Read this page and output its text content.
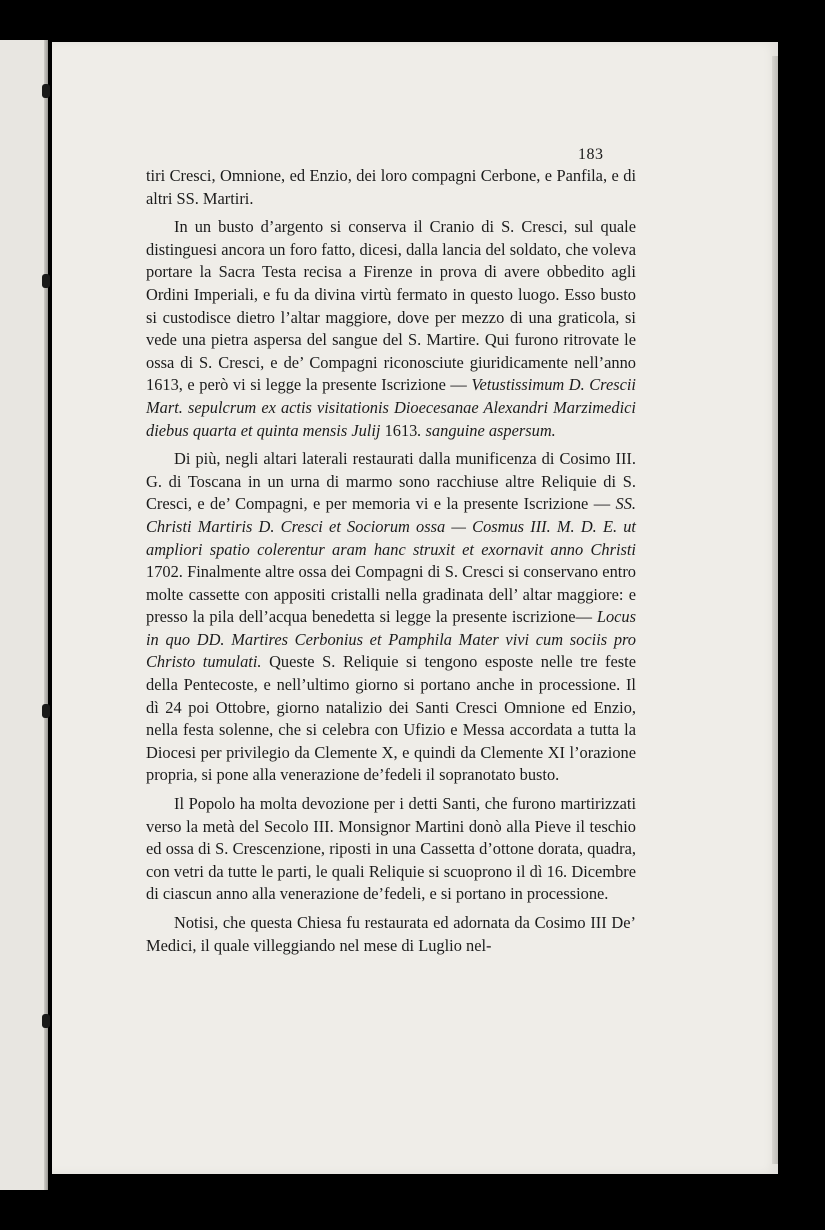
183

tiri Cresci, Omnione, ed Enzio, dei loro compagni Cerbone, e Panfila, e di altri SS. Martiri.

In un busto d’argento si conserva il Cranio di S. Cresci, sul quale distinguesi ancora un foro fatto, dicesi, dalla lancia del soldato, che voleva portare la Sacra Testa recisa a Firenze in prova di avere obbedito agli Ordini Imperiali, e fu da divina virtù fermato in questo luogo. Esso busto si custodisce dietro l’altar maggiore, dove per mezzo di una graticola, si vede una pietra aspersa del sangue del S. Martire. Qui furono ritrovate le ossa di S. Cresci, e de’ Compagni riconosciute giuridicamente nell’anno 1613, e però vi si legge la presente Iscrizione — Vetustissimum D. Crescii Mart. sepulcrum ex actis visitationis Dioecesanae Alexandri Marzimedici diebus quarta et quinta mensis Julij 1613. sanguine aspersum.

Di più, negli altari laterali restaurati dalla munificenza di Cosimo III. G. di Toscana in un urna di marmo sono racchiuse altre Reliquie di S. Cresci, e de’ Compagni, e per memoria vi e la presente Iscrizione — SS. Christi Martiris D. Cresci et Sociorum ossa — Cosmus III. M. D. E. ut ampliori spatio colerentur aram hanc struxit et exornavit anno Christi 1702. Finalmente altre ossa dei Compagni di S. Cresci si conservano entro molte cassette con appositi cristalli nella gradinata dell’ altar maggiore: e presso la pila dell’acqua benedetta si legge la presente iscrizione— Locus in quo DD. Martires Cerbonius et Pamphila Mater vivi cum sociis pro Christo tumulati. Queste S. Reliquie si tengono esposte nelle tre feste della Pentecoste, e nell’ultimo giorno si portano anche in processione. Il dì 24 poi Ottobre, giorno natalizio dei Santi Cresci Omnione ed Enzio, nella festa solenne, che si celebra con Ufizio e Messa accordata a tutta la Diocesi per privilegio da Clemente X, e quindi da Clemente XI l’orazione propria, si pone alla venerazione de’fedeli il sopranotato busto.

Il Popolo ha molta devozione per i detti Santi, che furono martirizzati verso la metà del Secolo III. Monsignor Martini donò alla Pieve il teschio ed ossa di S. Crescenzione, riposti in una Cassetta d’ottone dorata, quadra, con vetri da tutte le parti, le quali Reliquie si scuoprono il dì 16. Dicembre di ciascun anno alla venerazione de’fedeli, e si portano in processione.

Notisi, che questa Chiesa fu restaurata ed adornata da Cosimo III De’ Medici, il quale villeggiando nel mese di Luglio nel-
